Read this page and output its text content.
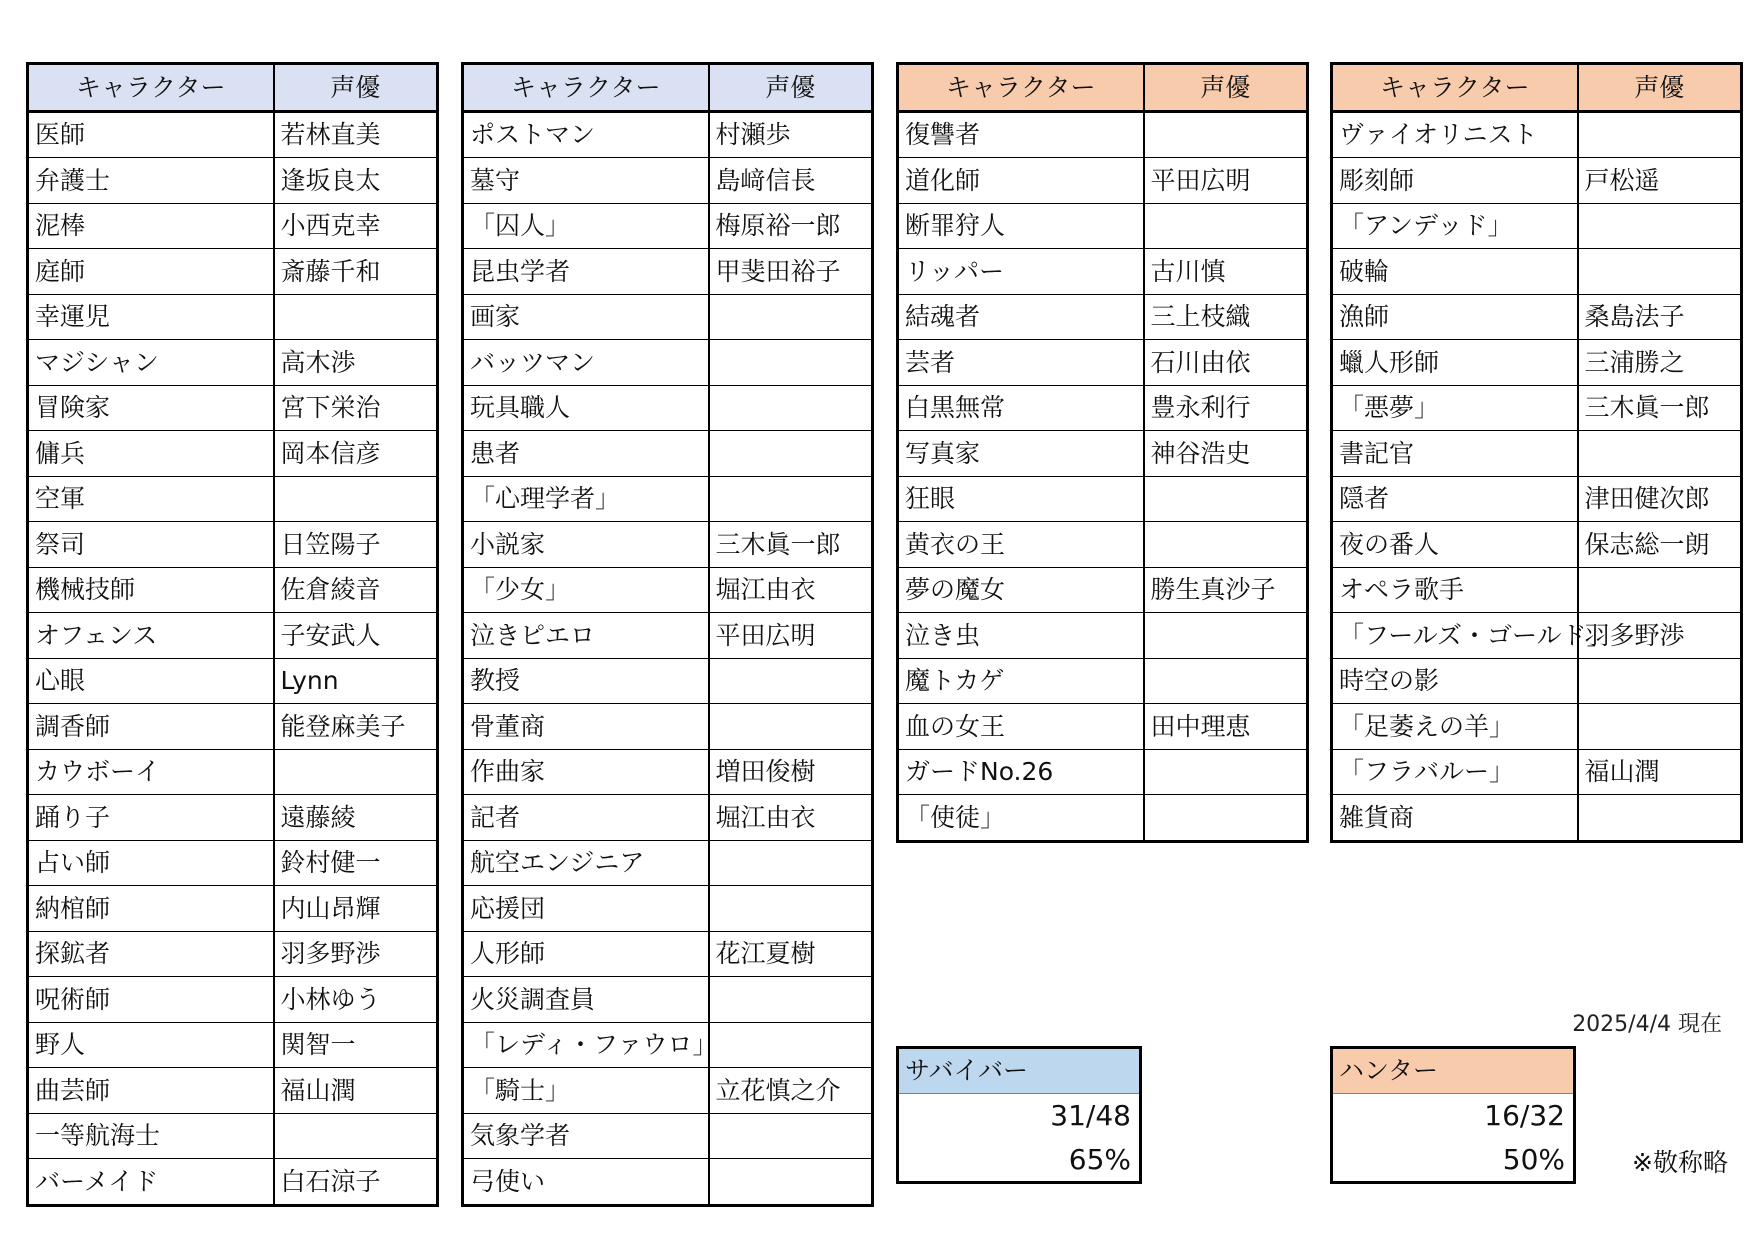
キャラクター	声優
医師	若林直美
弁護士	逢坂良太
泥棒	小西克幸
庭師	斎藤千和
幸運児	
マジシャン	高木渉
冒険家	宮下栄治
傭兵	岡本信彦
空軍	
祭司	日笠陽子
機械技師	佐倉綾音
オフェンス	子安武人
心眼	Lynn
調香師	能登麻美子
カウボーイ	
踊り子	遠藤綾
占い師	鈴村健一
納棺師	内山昂輝
探鉱者	羽多野渉
呪術師	小林ゆう
野人	関智一
曲芸師	福山潤
一等航海士	
バーメイド	白石涼子
キャラクター	声優
ポストマン	村瀬歩
墓守	島﨑信長
「囚人」	梅原裕一郎
昆虫学者	甲斐田裕子
画家	
バッツマン	
玩具職人	
患者	
「心理学者」	
小説家	三木眞一郎
「少女」	堀江由衣
泣きピエロ	平田広明
教授	
骨董商	
作曲家	増田俊樹
記者	堀江由衣
航空エンジニア	
応援団	
人形師	花江夏樹
火災調査員	
「レディ・ファウロ」	
「騎士」	立花慎之介
気象学者	
弓使い	
キャラクター	声優
復讐者	
道化師	平田広明
断罪狩人	
リッパー	古川慎
結魂者	三上枝織
芸者	石川由依
白黒無常	豊永利行
写真家	神谷浩史
狂眼	
黄衣の王	
夢の魔女	勝生真沙子
泣き虫	
魔トカゲ	
血の女王	田中理恵
ガードNo.26	
「使徒」	
キャラクター	声優
ヴァイオリニスト	
彫刻師	戸松遥
「アンデッド」	
破輪	
漁師	桑島法子
蠟人形師	三浦勝之
「悪夢」	三木眞一郎
書記官	
隠者	津田健次郎
夜の番人	保志総一朗
オペラ歌手	
「フールズ・ゴールド」	羽多野渉
時空の影	
「足萎えの羊」	
「フラバルー」	福山潤
雑貨商	
2025/4/4 現在
サバイバー
31/48
65%
ハンター
16/32
50%	※敬称略
